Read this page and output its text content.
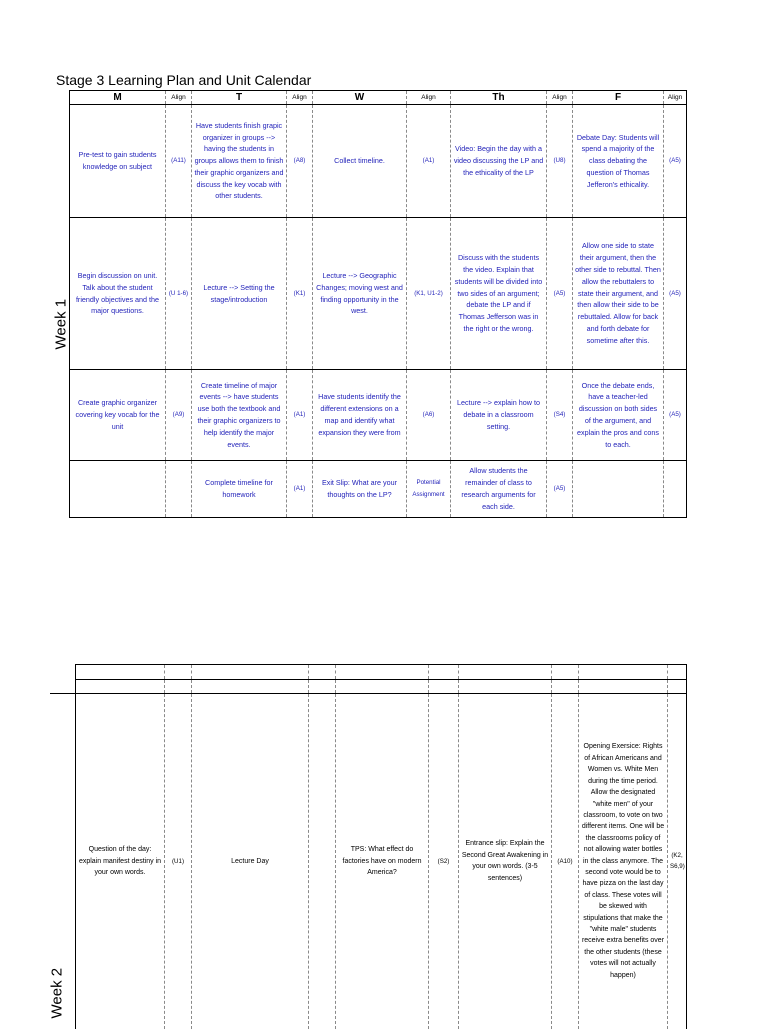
Stage 3 Learning Plan and Unit Calendar
M	Align	T	Align	W	Align	Th	Align	F	Align
Pre-test to gain students knowledge on subject	(A11)	Have students finish grapic organizer in groups --> having the students in groups allows them to finish their graphic organizers and discuss the key vocab with other students.	(A8)	Collect timeline.	(A1)	Video: Begin the day with a video discussing the LP and the ethicality of the LP	(U8)	Debate Day: Students will spend a majority of the class debating the question of Thomas Jefferon's ethicality.	(A5)
Begin discussion on unit. Talk about the student friendly objectives and the major questions.	(U 1-6)	Lecture --> Setting the stage/introduction	(K1)	Lecture --> Geographic Changes; moving west and finding opportunity in the west.	(K1, U1-2)	Discuss with the students the video. Explain that students will be divided into two sides of an argument; debate the LP and if Thomas Jefferson was in the right or the wrong.	(A5)	Allow one side to state their argument, then the other side to rebuttal. Then allow the rebuttalers to state their argument, and then allow their side to be rebuttaled. Allow for back and forth debate for sometime after this.	(A5)
Create graphic organizer covering key vocab for the unit	(A9)	Create timeline of major events --> have students use both the textbook and their graphic organizers to help identify the major events.	(A1)	Have students identify the different extensions on a map and identify what expansion they were from	(A6)	Lecture --> explain how to debate in a classroom setting.	(S4)	Once the debate ends, have a teacher-led discussion on both sides of the argument, and explain the pros and cons to each.	(A5)
		Complete timeline for homework	(A1)	Exit Slip: What are your thoughts on the LP?	Potential Assignment	Allow students the remainder of class to research arguments for each side.	(A5)		
Week 1

Question of the day: explain manifest destiny in your own words.	(U1)	Lecture Day		TPS: What effect do factories have on modern America?	(S2)	Entrance slip: Explain the Second Great Awakening in your own words. (3-5 sentences)	(A10)	Opening Exersice: Rights of African Americans and Women vs. White Men during the time period. Allow the designated "white men" of your classroom, to vote on two different items. One will be the classrooms policy of not allowing water bottles in the class anymore. The second vote would be to have pizza on the last day of class. These votes will be skewed with stipulations that make the "white male" students receive extra benefits over the other students (these votes will not actually happen)	(K2, S6,9)
Week 2
